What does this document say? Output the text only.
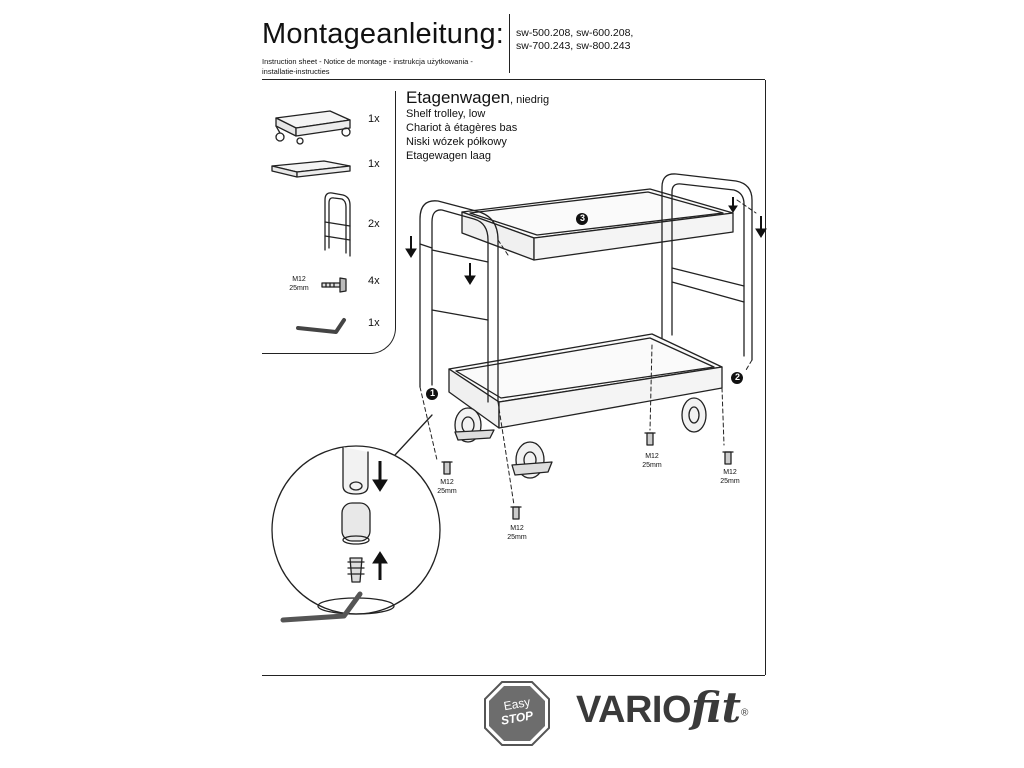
Montageanleitung:
Instruction sheet - Notice de montage - instrukcja użytkowania - installatie-instructies
sw-500.208, sw-600.208,
sw-700.243, sw-800.243
Etagenwagen, niedrig
Shelf trolley, low
Chariot à étagères bas
Niski wózek półkowy
Etagewagen laag
1x
1x
2x
4x
1x
M12
25mm
M12
25mm
M12
25mm
M12
25mm
M12
25mm
1
2
3
Easy
STOP	VARIOfit®
